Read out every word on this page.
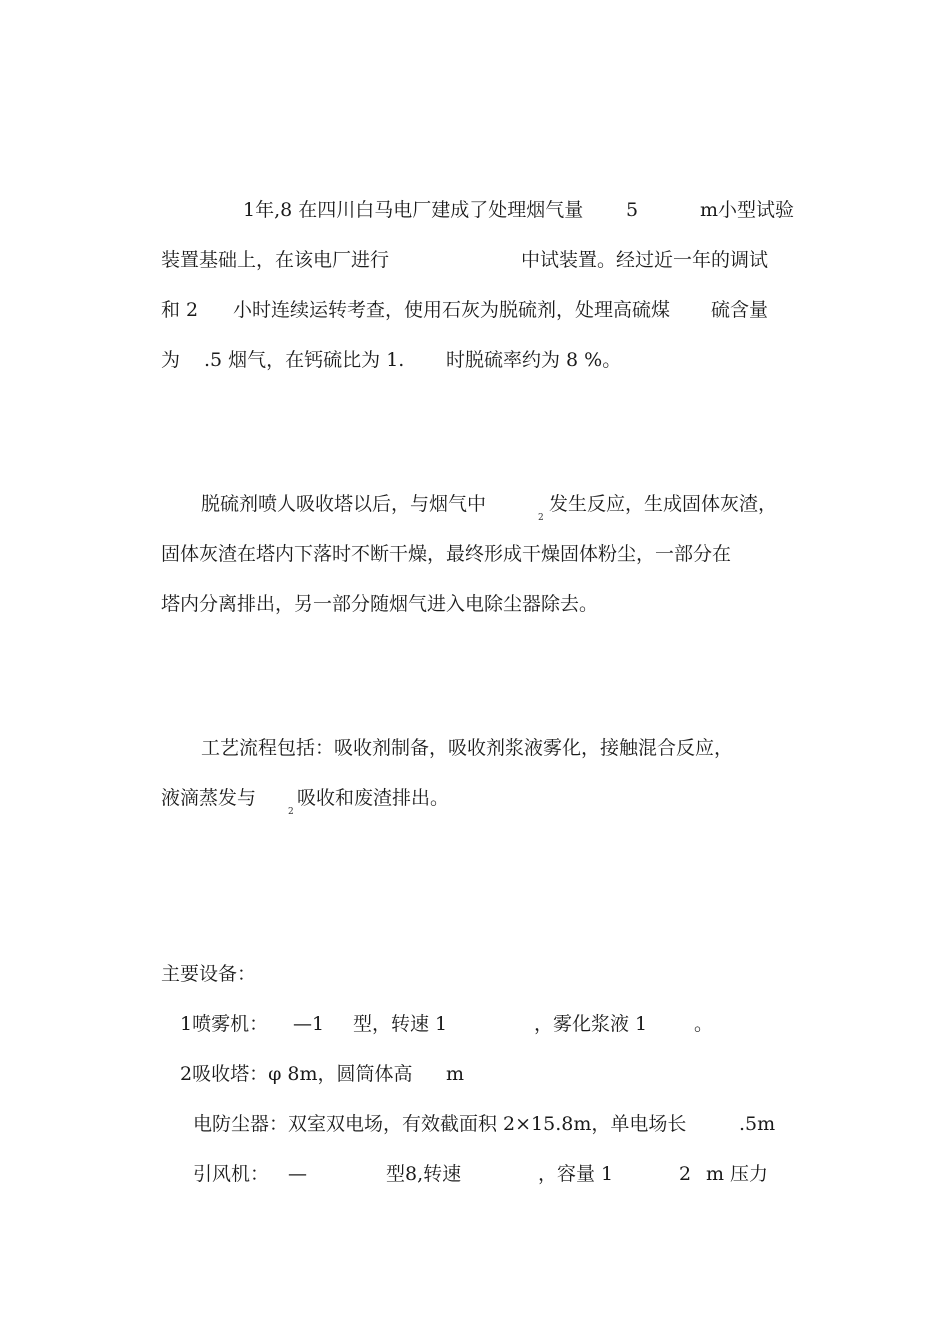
1年,8 在四川白马电厂建成了处理烟气量 5	m小型试验
装置基础上，在该电厂进行	中试装置。经过近一年的调试
和 2 小时连续运转考查，使用石灰为脱硫剂，处理高硫煤 硫含量
为 .5 烟气，在钙硫比为 1. 时脱硫率约为 8 %。
脱硫剂喷人吸收塔以后，与烟气中
2
发生反应，生成固体灰渣，
固体灰渣在塔内下落时不断干燥，最终形成干燥固体粉尘，一部分在
塔内分离排出，另一部分随烟气进入电除尘器除去。
工艺流程包括：吸收剂制备，吸收剂浆液雾化，接触混合反应，
液滴蒸发与
2
吸收和废渣排出。
主要设备：
1喷雾机： —1 型，转速 1	，雾化浆液 1 。
2吸收塔：φ 8m，圆筒体高 m
电防尘器：双室双电场，有效截面积 2×15.8m，单电场长	.5m
引风机： —	型8,转速	，容量 1	2 m 压力
